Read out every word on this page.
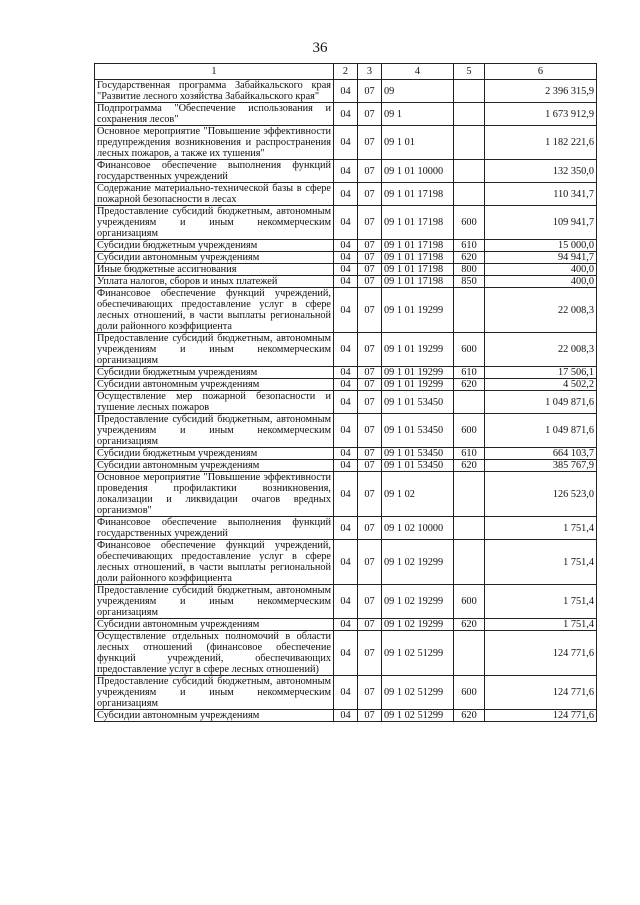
36
1	2	3	4	5	6
Государственная программа Забайкальского края "Развитие лесного хозяйства Забайкальского края"	04	07	09		2 396 315,9
Подпрограмма "Обеспечение использования и сохранения лесов"	04	07	09 1		1 673 912,9
Основное мероприятие "Повышение эффективности предупреждения возникновения и распространения лесных пожаров, а также их тушения"	04	07	09 1 01		1 182 221,6
Финансовое обеспечение выполнения функций государственных учреждений	04	07	09 1 01 10000		132 350,0
Содержание материально-технической базы в сфере пожарной безопасности в лесах	04	07	09 1 01 17198		110 341,7
Предоставление субсидий бюджетным, автономным учреждениям и иным некоммерческим организациям	04	07	09 1 01 17198	600	109 941,7
Субсидии бюджетным учреждениям	04	07	09 1 01 17198	610	15 000,0
Субсидии автономным учреждениям	04	07	09 1 01 17198	620	94 941,7
Иные бюджетные ассигнования	04	07	09 1 01 17198	800	400,0
Уплата налогов, сборов и иных платежей	04	07	09 1 01 17198	850	400,0
Финансовое обеспечение функций учреждений, обеспечивающих предоставление услуг в сфере лесных отношений, в части выплаты региональной доли районного коэффициента	04	07	09 1 01 19299		22 008,3
Предоставление субсидий бюджетным, автономным учреждениям и иным некоммерческим организациям	04	07	09 1 01 19299	600	22 008,3
Субсидии бюджетным учреждениям	04	07	09 1 01 19299	610	17 506,1
Субсидии автономным учреждениям	04	07	09 1 01 19299	620	4 502,2
Осуществление мер пожарной безопасности и тушение лесных пожаров	04	07	09 1 01 53450		1 049 871,6
Предоставление субсидий бюджетным, автономным учреждениям и иным некоммерческим организациям	04	07	09 1 01 53450	600	1 049 871,6
Субсидии бюджетным учреждениям	04	07	09 1 01 53450	610	664 103,7
Субсидии автономным учреждениям	04	07	09 1 01 53450	620	385 767,9
Основное мероприятие "Повышение эффективности проведения профилактики возникновения, локализации и ликвидации очагов вредных организмов"	04	07	09 1 02		126 523,0
Финансовое обеспечение выполнения функций государственных учреждений	04	07	09 1 02 10000		1 751,4
Финансовое обеспечение функций учреждений, обеспечивающих предоставление услуг в сфере лесных отношений, в части выплаты региональной доли районного коэффициента	04	07	09 1 02 19299		1 751,4
Предоставление субсидий бюджетным, автономным учреждениям и иным некоммерческим организациям	04	07	09 1 02 19299	600	1 751,4
Субсидии автономным учреждениям	04	07	09 1 02 19299	620	1 751,4
Осуществление отдельных полномочий в области лесных отношений (финансовое обеспечение функций учреждений, обеспечивающих предоставление услуг в сфере лесных отношений)	04	07	09 1 02 51299		124 771,6
Предоставление субсидий бюджетным, автономным учреждениям и иным некоммерческим организациям	04	07	09 1 02 51299	600	124 771,6
Субсидии автономным учреждениям	04	07	09 1 02 51299	620	124 771,6
